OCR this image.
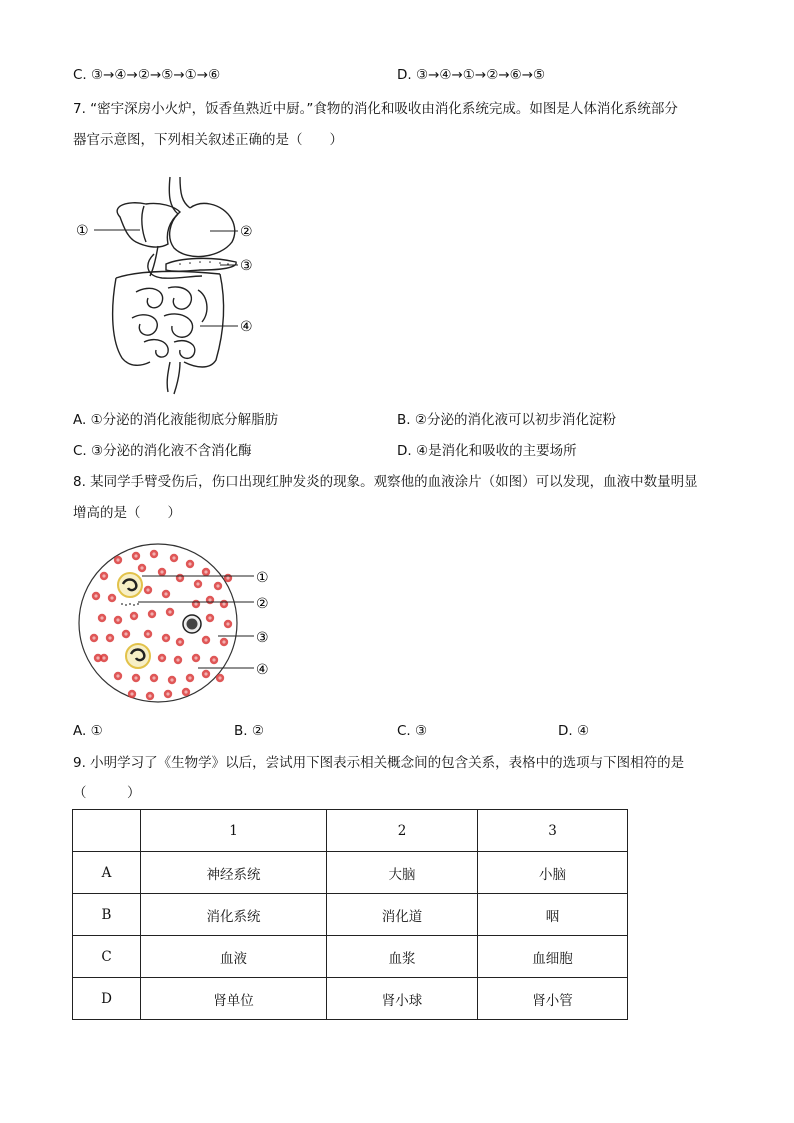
C. ③→④→②→⑤→①→⑥	D. ③→④→①→②→⑥→⑤
7. “密宇深房小火炉，饭香鱼熟近中厨。”食物的消化和吸收由消化系统完成。如图是人体消化系统部分
器官示意图，下列相关叙述正确的是（　　）
①	②
③
④
A. ①分泌的消化液能彻底分解脂肪	B. ②分泌的消化液可以初步消化淀粉
C. ③分泌的消化液不含消化酶	D. ④是消化和吸收的主要场所
8. 某同学手臂受伤后，伤口出现红肿发炎的现象。观察他的血液涂片（如图）可以发现，血液中数量明显
增高的是（　　）
①
②
③
④
A. ①	B. ②	C. ③	D. ④
9. 小明学习了《生物学》以后，尝试用下图表示相关概念间的包含关系，表格中的选项与下图相符的是
（　　　）
	1	2	3
A	神经系统	大脑	小脑
B	消化系统	消化道	咽
C	血液	血浆	血细胞
D	肾单位	肾小球	肾小管
